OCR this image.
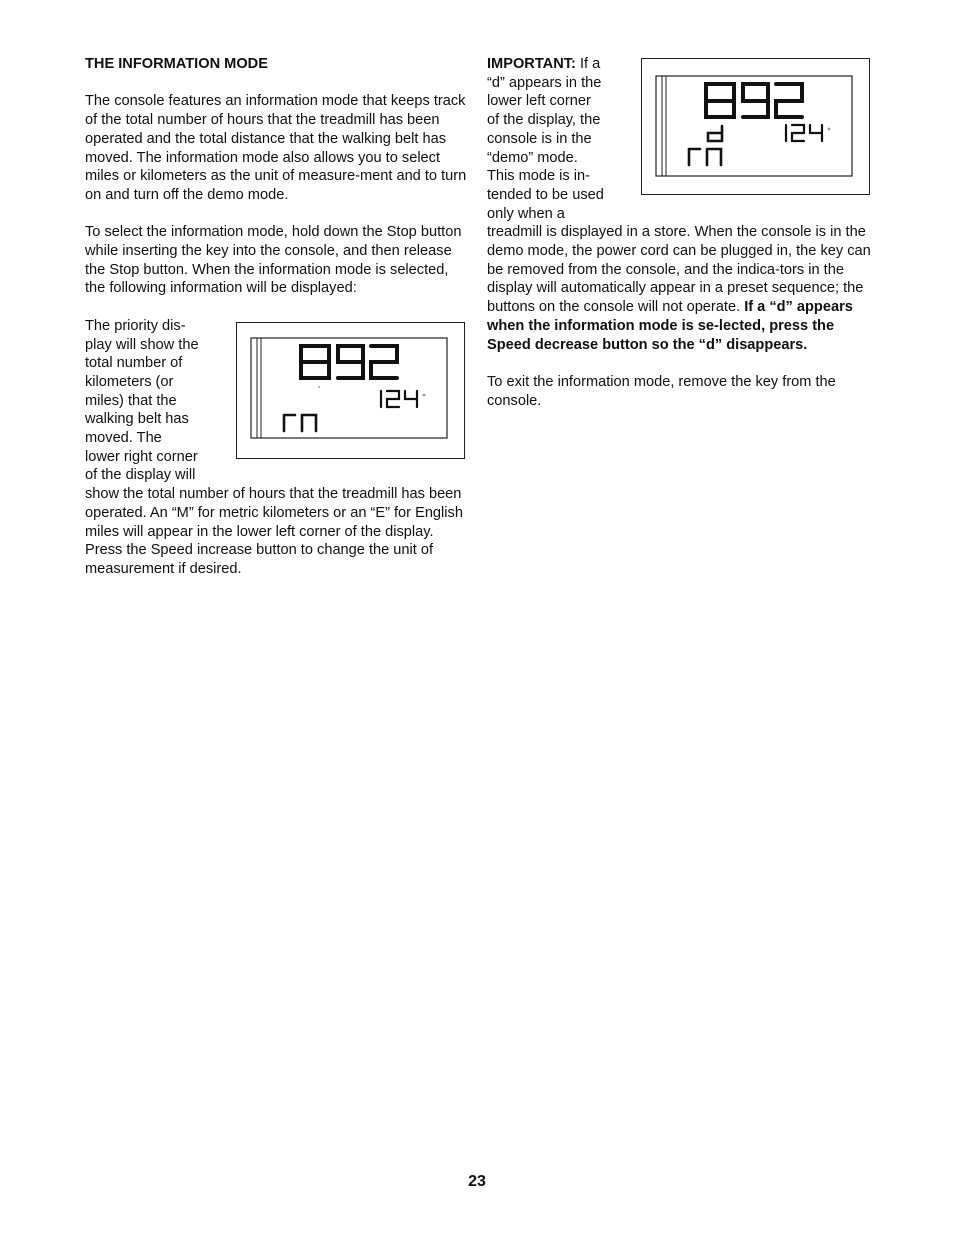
THE INFORMATION MODE

The console features an information mode that keeps track of the total number of hours that the treadmill has been operated and the total distance that the walking belt has moved. The information mode also allows you to select miles or kilometers as the unit of measure-ment and to turn on and turn off the demo mode.

To select the information mode, hold down the Stop button while inserting the key into the console, and then release the Stop button. When the information mode is selected, the following information will be displayed:

The priority dis-
play will show the
total number of
kilometers (or
miles) that the
walking belt has
moved. The
lower right corner
of the display will

show the total number of hours that the treadmill has been operated. An “M” for metric kilometers or an “E” for English miles will appear in the lower left corner of the display. Press the Speed increase button to change the unit of measurement if desired.

IMPORTANT: If a
“d” appears in the
lower left corner
of the display, the
console is in the
“demo” mode.
This mode is in-
tended to be used
only when a

treadmill is displayed in a store. When the console is in the demo mode, the power cord can be plugged in, the key can be removed from the console, and the indica-tors in the display will automatically appear in a preset sequence; the buttons on the console will not operate. If a “d” appears when the information mode is se-lected, press the Speed decrease button so the “d” disappears.

To exit the information mode, remove the key from the console.

23
